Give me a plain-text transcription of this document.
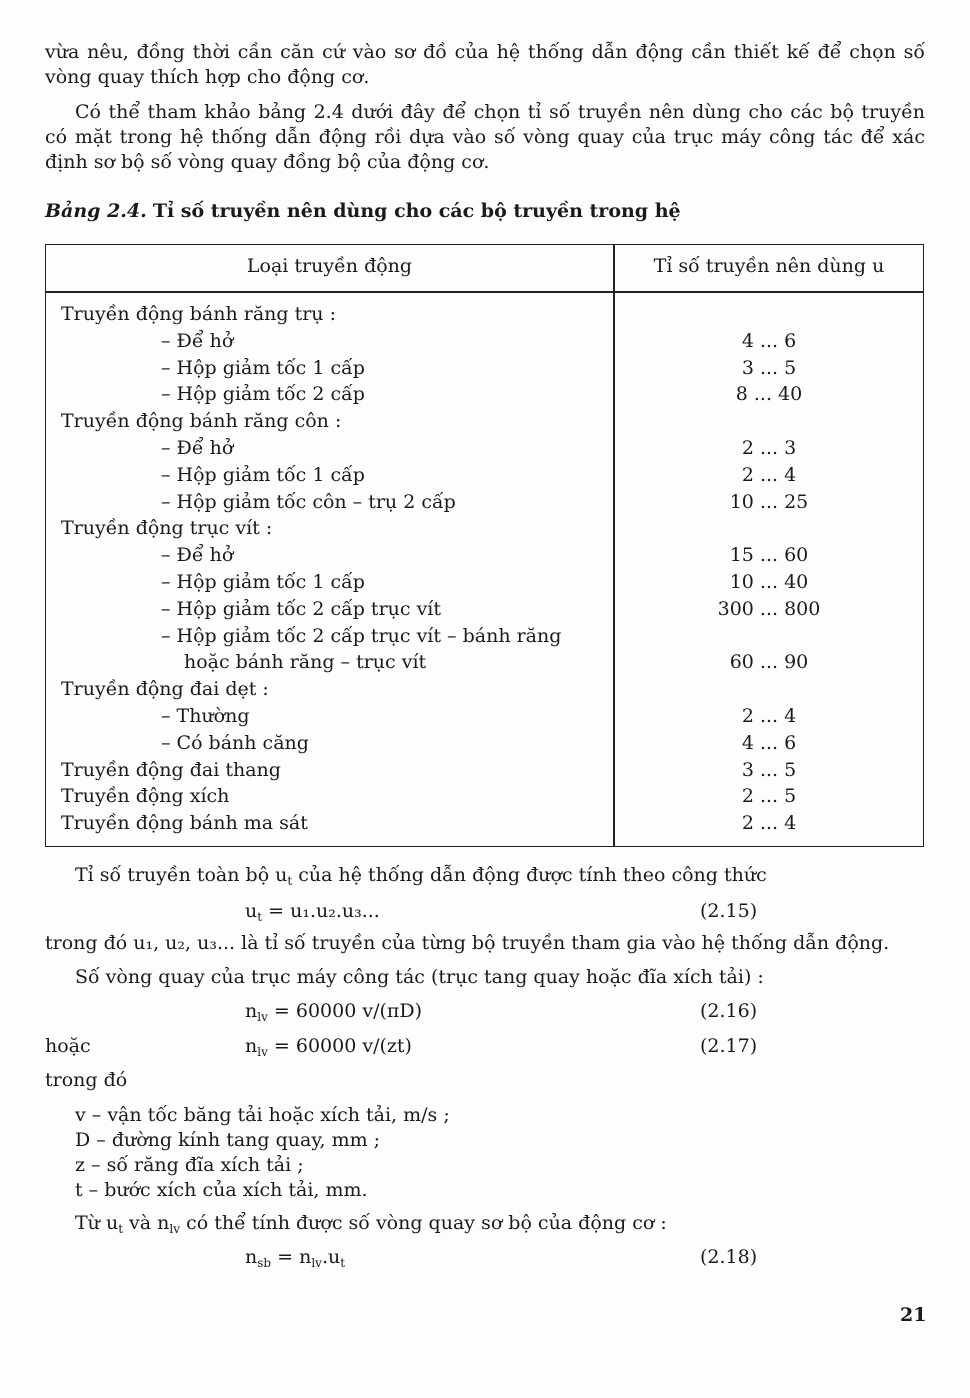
vừa nêu, đồng thời cần căn cứ vào sơ đồ của hệ thống dẫn động cần thiết kế để chọn số vòng quay thích hợp cho động cơ.

Có thể tham khảo bảng 2.4 dưới đây để chọn tỉ số truyền nên dùng cho các bộ truyền có mặt trong hệ thống dẫn động rồi dựa vào số vòng quay của trục máy công tác để xác định sơ bộ số vòng quay đồng bộ của động cơ.

Bảng 2.4. Tỉ số truyền nên dùng cho các bộ truyền trong hệ
Loại truyền động	Tỉ số truyền nên dùng u
Truyền động bánh răng trụ :
– Để hở	4 ... 6
– Hộp giảm tốc 1 cấp	3 ... 5
– Hộp giảm tốc 2 cấp	8 ... 40
Truyền động bánh răng côn :
– Để hở	2 ... 3
– Hộp giảm tốc 1 cấp	2 ... 4
– Hộp giảm tốc côn – trụ 2 cấp	10 ... 25
Truyền động trục vít :
– Để hở	15 ... 60
– Hộp giảm tốc 1 cấp	10 ... 40
– Hộp giảm tốc 2 cấp trục vít	300 ... 800
– Hộp giảm tốc 2 cấp trục vít – bánh răng
hoặc bánh răng – trục vít	60 ... 90
Truyền động đai dẹt :
– Thường	2 ... 4
– Có bánh căng	4 ... 6
Truyền động đai thang	3 ... 5
Truyền động xích	2 ... 5
Truyền động bánh ma sát	2 ... 4
Tỉ số truyền toàn bộ $u_t$ của hệ thống dẫn động được tính theo công thức
$u_t = u_1.u_2.u_3$...	(2.15)
trong đó u₁, u₂, u₃... là tỉ số truyền của từng bộ truyền tham gia vào hệ thống dẫn động.
Số vòng quay của trục máy công tác (trục tang quay hoặc đĩa xích tải) :
$n_{lv} = 60000$ v/(πD)	(2.16)
hoặc	$n_{lv} = 60000$ v/(zt)	(2.17)
trong đó
v – vận tốc băng tải hoặc xích tải, m/s ;
D – đường kính tang quay, mm ;
z – số răng đĩa xích tải ;
t – bước xích của xích tải, mm.
Từ $u_t$ và $n_{lv}$ có thể tính được số vòng quay sơ bộ của động cơ :
$n_{sb} = n_{lv}.u_t$	(2.18)
21
